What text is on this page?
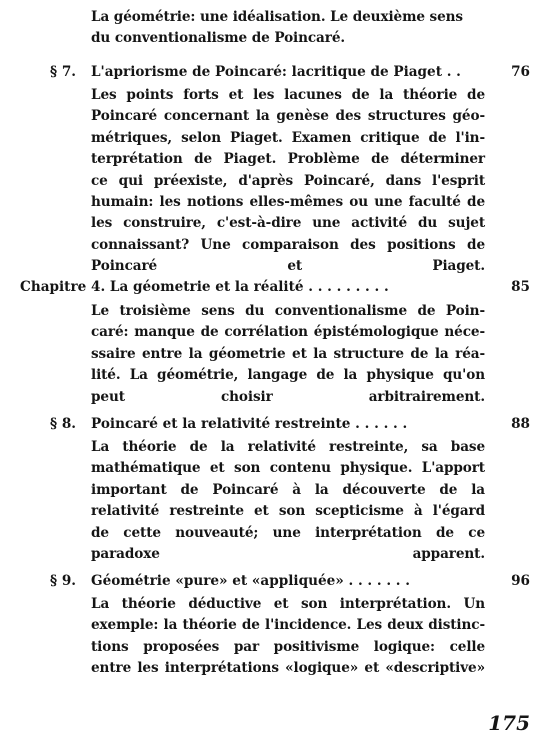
La géométrie: une idéalisation. Le deuxième sens
du conventionalisme de Poincaré.
§ 7. L'apriorisme de Poincaré: lacritique de Piaget . .	76
Les points forts et les lacunes de la théorie de
Poincaré concernant la genèse des structures géo-
métriques, selon Piaget. Examen critique de l'in-
terprétation de Piaget. Problème de déterminer
ce qui préexiste, d'après Poincaré, dans l'esprit
humain: les notions elles-mêmes ou une faculté de
les construire, c'est-à-dire une activité du sujet
connaissant? Une comparaison des positions de
Poincaré et Piaget.
Chapitre 4. La géometrie et la réalité . . . . . . . . .	85
Le troisième sens du conventionalisme de Poin-
caré: manque de corrélation épistémologique néce-
ssaire entre la géometrie et la structure de la réa-
lité. La géométrie, langage de la physique qu'on
peut choisir arbitrairement.
§ 8. Poincaré et la relativité restreinte . . . . . .	88
La théorie de la relativité restreinte, sa base
mathématique et son contenu physique. L'apport
important de Poincaré à la découverte de la
relativité restreinte et son scepticisme à l'égard
de cette nouveauté; une interprétation de ce
paradoxe apparent.
§ 9. Géométrie «pure» et «appliquée» . . . . . . .	96
La théorie déductive et son interprétation. Un
exemple: la théorie de l'incidence. Les deux distinc-
tions proposées par positivisme logique: celle
entre les interprétations «logique» et «descriptive»
175
